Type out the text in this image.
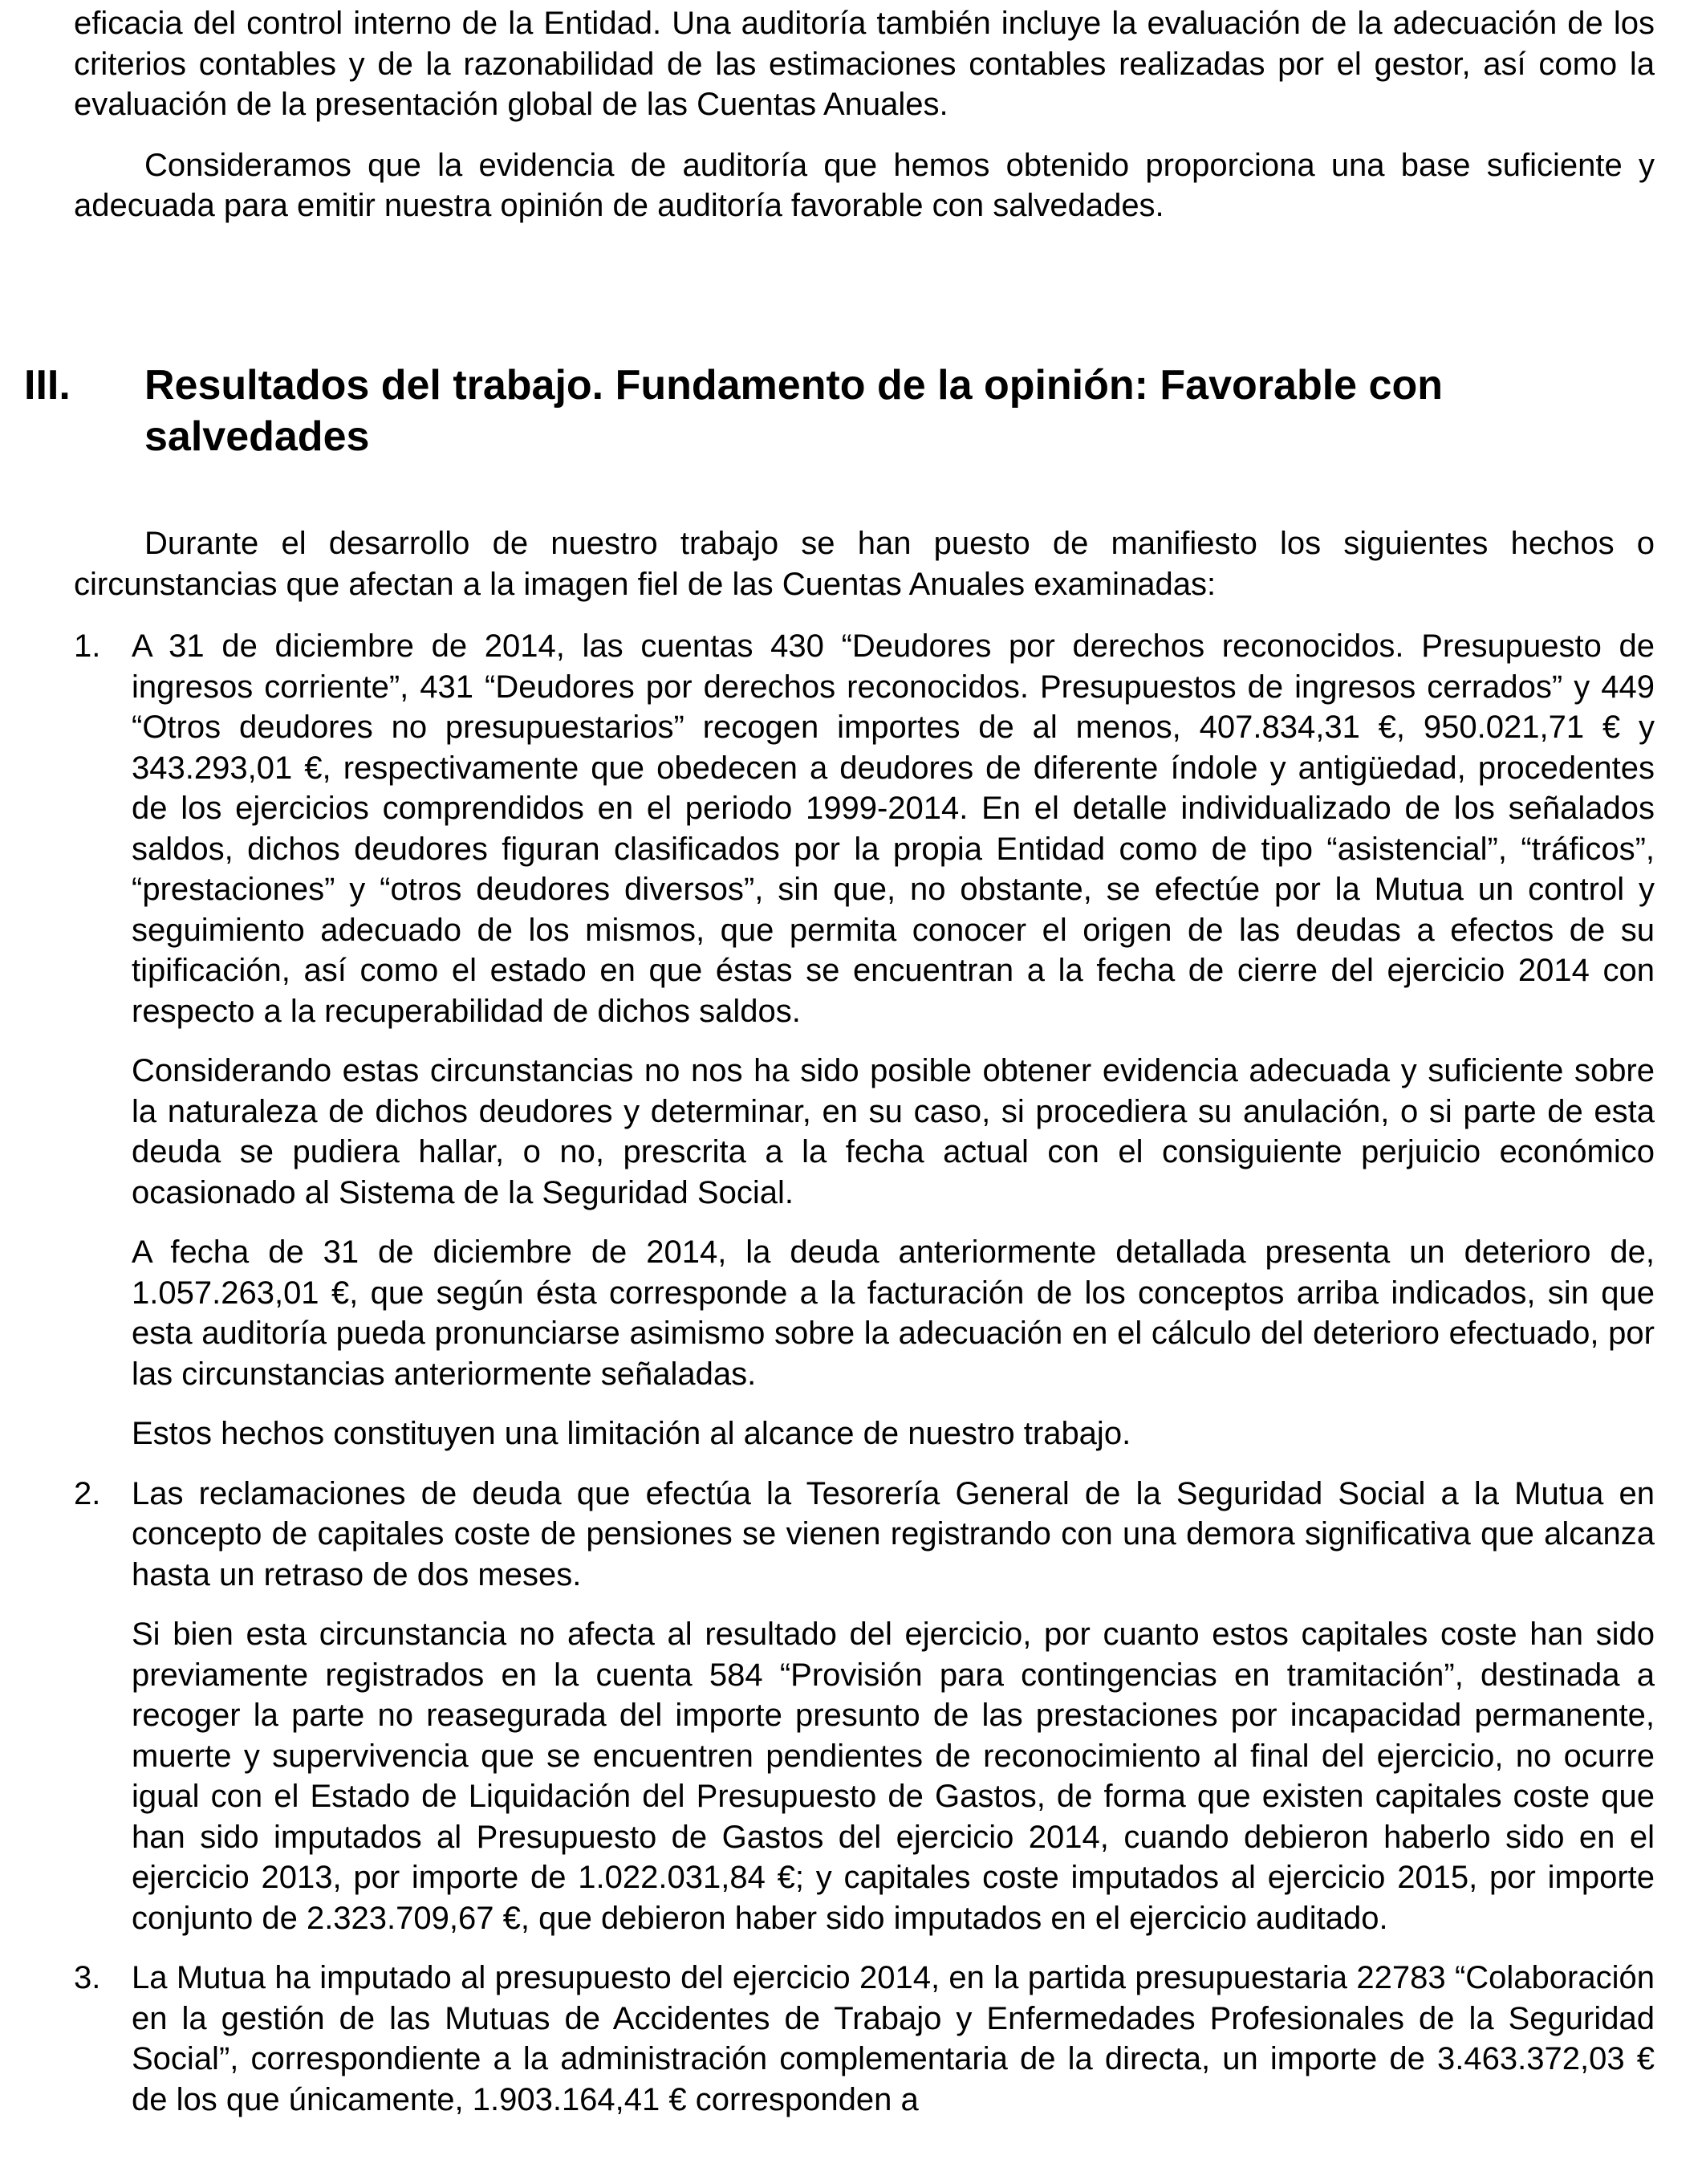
eficacia del control interno de la Entidad. Una auditoría también incluye la evaluación de la adecuación de los criterios contables y de la razonabilidad de las estimaciones contables realizadas por el gestor, así como la evaluación de la presentación global de las Cuentas Anuales.

Consideramos que la evidencia de auditoría que hemos obtenido proporciona una base suficiente y adecuada para emitir nuestra opinión de auditoría favorable con salvedades.

III. Resultados del trabajo. Fundamento de la opinión: Favorable con salvedades

Durante el desarrollo de nuestro trabajo se han puesto de manifiesto los siguientes hechos o circunstancias que afectan a la imagen fiel de las Cuentas Anuales examinadas:

1. A 31 de diciembre de 2014, las cuentas 430 “Deudores por derechos reconocidos. Presupuesto de ingresos corriente”, 431 “Deudores por derechos reconocidos. Presupuestos de ingresos cerrados” y 449 “Otros deudores no presupuestarios” recogen importes de al menos, 407.834,31 €, 950.021,71 € y 343.293,01 €, respectivamente que obedecen a deudores de diferente índole y antigüedad, procedentes de los ejercicios comprendidos en el periodo 1999-2014. En el detalle individualizado de los señalados saldos, dichos deudores figuran clasificados por la propia Entidad como de tipo “asistencial”, “tráficos”, “prestaciones” y “otros deudores diversos”, sin que, no obstante, se efectúe por la Mutua un control y seguimiento adecuado de los mismos, que permita conocer el origen de las deudas a efectos de su tipificación, así como el estado en que éstas se encuentran a la fecha de cierre del ejercicio 2014 con respecto a la recuperabilidad de dichos saldos.

Considerando estas circunstancias no nos ha sido posible obtener evidencia adecuada y suficiente sobre la naturaleza de dichos deudores y determinar, en su caso, si procediera su anulación, o si parte de esta deuda se pudiera hallar, o no, prescrita a la fecha actual con el consiguiente perjuicio económico ocasionado al Sistema de la Seguridad Social.

A fecha de 31 de diciembre de 2014, la deuda anteriormente detallada presenta un deterioro de, 1.057.263,01 €, que según ésta corresponde a la facturación de los conceptos arriba indicados, sin que esta auditoría pueda pronunciarse asimismo sobre la adecuación en el cálculo del deterioro efectuado, por las circunstancias anteriormente señaladas.

Estos hechos constituyen una limitación al alcance de nuestro trabajo.

2. Las reclamaciones de deuda que efectúa la Tesorería General de la Seguridad Social a la Mutua en concepto de capitales coste de pensiones se vienen registrando con una demora significativa que alcanza hasta un retraso de dos meses.

Si bien esta circunstancia no afecta al resultado del ejercicio, por cuanto estos capitales coste han sido previamente registrados en la cuenta 584 “Provisión para contingencias en tramitación”, destinada a recoger la parte no reasegurada del importe presunto de las prestaciones por incapacidad permanente, muerte y supervivencia que se encuentren pendientes de reconocimiento al final del ejercicio, no ocurre igual con el Estado de Liquidación del Presupuesto de Gastos, de forma que existen capitales coste que han sido imputados al Presupuesto de Gastos del ejercicio 2014, cuando debieron haberlo sido en el ejercicio 2013, por importe de 1.022.031,84 €; y capitales coste imputados al ejercicio 2015, por importe conjunto de 2.323.709,67 €, que debieron haber sido imputados en el ejercicio auditado.

3. La Mutua ha imputado al presupuesto del ejercicio 2014, en la partida presupuestaria 22783 “Colaboración en la gestión de las Mutuas de Accidentes de Trabajo y Enfermedades Profesionales de la Seguridad Social”, correspondiente a la administración complementaria de la directa, un importe de 3.463.372,03 € de los que únicamente, 1.903.164,41 € corresponden a
